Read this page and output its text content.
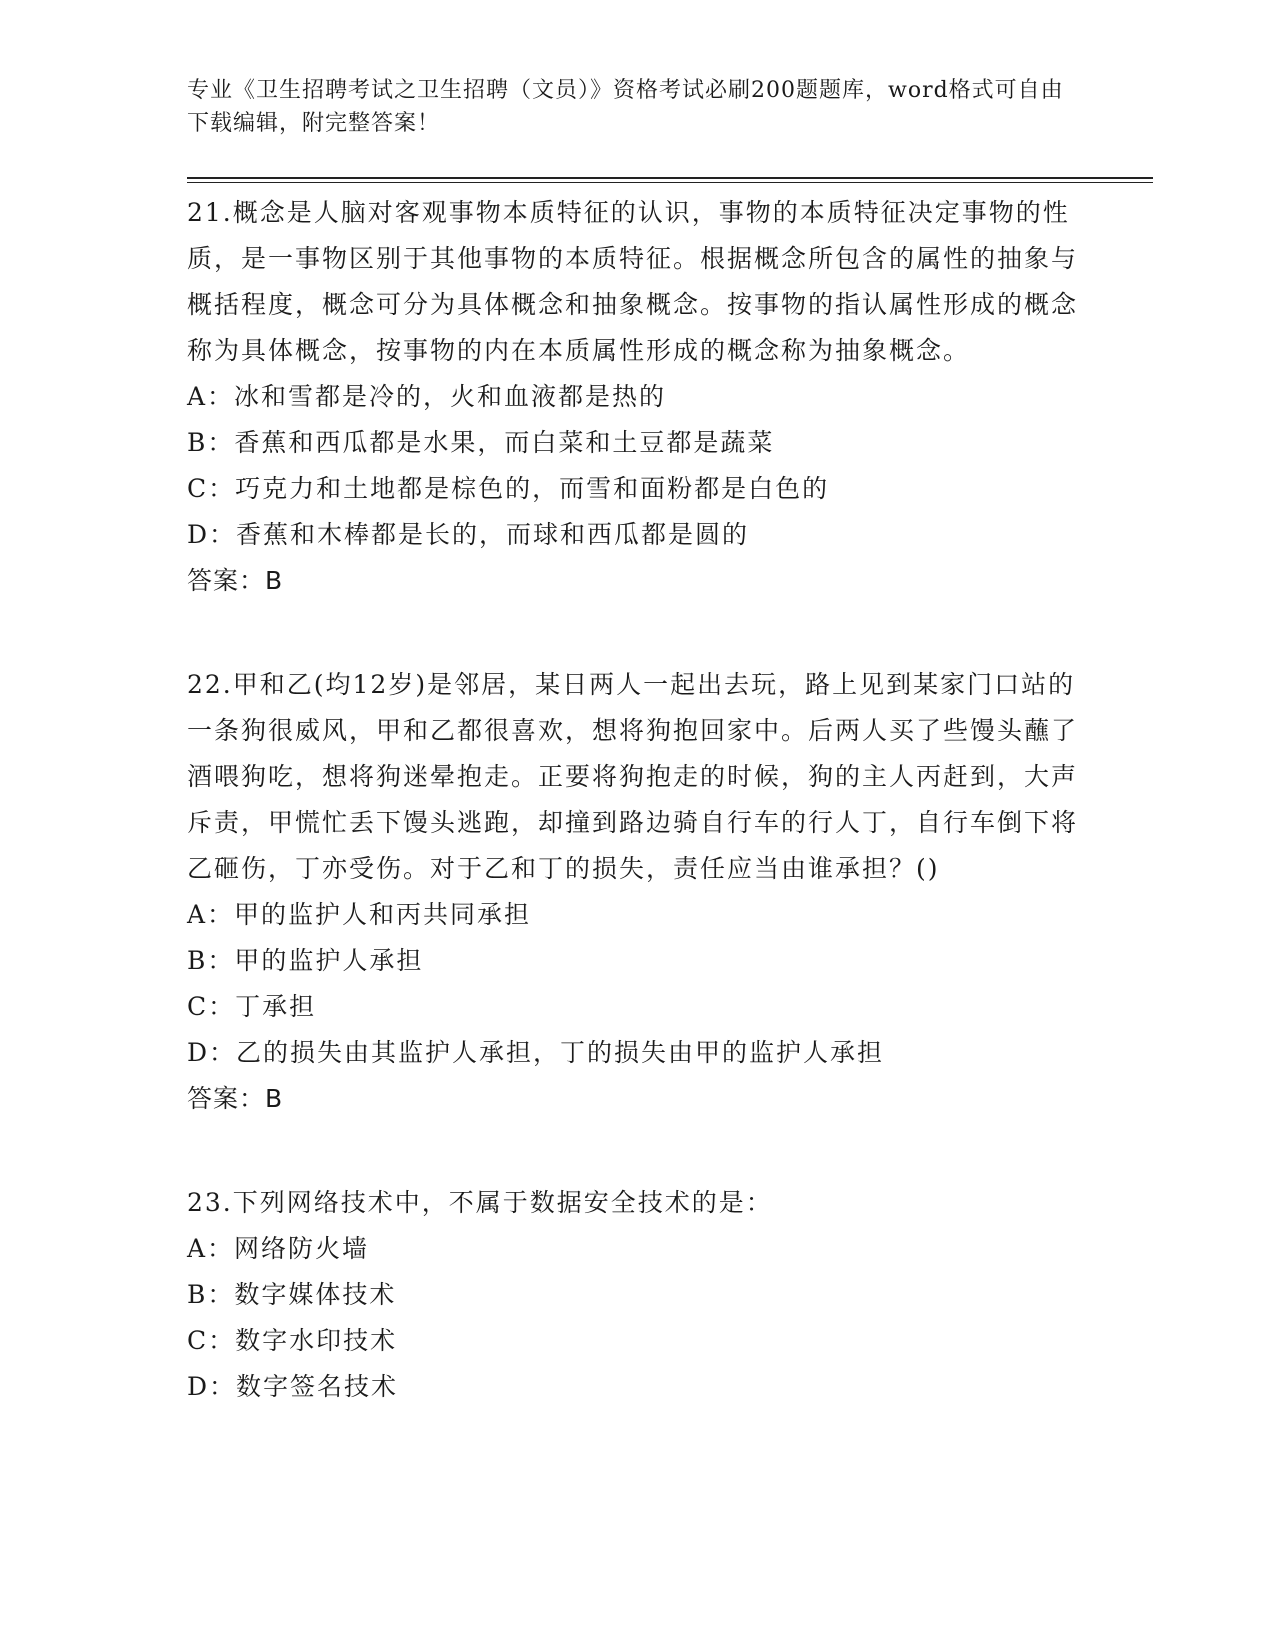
专业《卫生招聘考试之卫生招聘（文员）》资格考试必刷200题题库，word格式可自由下载编辑，附完整答案！

21.概念是人脑对客观事物本质特征的认识，事物的本质特征决定事物的性质，是一事物区别于其他事物的本质特征。根据概念所包含的属性的抽象与概括程度，概念可分为具体概念和抽象概念。按事物的指认属性形成的概念称为具体概念，按事物的内在本质属性形成的概念称为抽象概念。

A：冰和雪都是冷的，火和血液都是热的

B：香蕉和西瓜都是水果，而白菜和土豆都是蔬菜

C：巧克力和土地都是棕色的，而雪和面粉都是白色的

D：香蕉和木棒都是长的，而球和西瓜都是圆的

答案：B

22.甲和乙(均12岁)是邻居，某日两人一起出去玩，路上见到某家门口站的一条狗很威风，甲和乙都很喜欢，想将狗抱回家中。后两人买了些馒头蘸了酒喂狗吃，想将狗迷晕抱走。正要将狗抱走的时候，狗的主人丙赶到，大声斥责，甲慌忙丢下馒头逃跑，却撞到路边骑自行车的行人丁，自行车倒下将乙砸伤，丁亦受伤。对于乙和丁的损失，责任应当由谁承担？()

A：甲的监护人和丙共同承担

B：甲的监护人承担

C：丁承担

D：乙的损失由其监护人承担，丁的损失由甲的监护人承担

答案：B

23.下列网络技术中，不属于数据安全技术的是：

A：网络防火墙

B：数字媒体技术

C：数字水印技术

D：数字签名技术
